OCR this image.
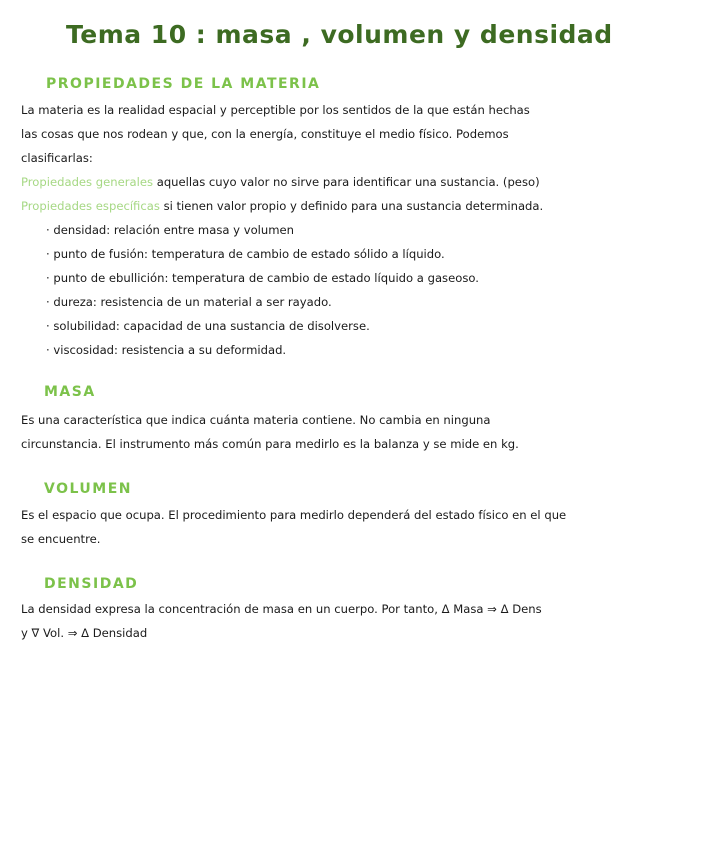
Tema 10 : masa , volumen y densidad
PROPIEDADES DE LA MATERIA
La materia es la realidad espacial y perceptible por los sentidos de la que están hechas
las cosas que nos rodean y que, con la energía, constituye el medio físico. Podemos
clasificarlas:
Propiedades generales aquellas cuyo valor no sirve para identificar una sustancia. (peso)
Propiedades específicas si tienen valor propio y definido para una sustancia determinada.
· densidad: relación entre masa y volumen
· punto de fusión: temperatura de cambio de estado sólido a líquido.
· punto de ebullición: temperatura de cambio de estado líquido a gaseoso.
· dureza: resistencia de un material a ser rayado.
· solubilidad: capacidad de una sustancia de disolverse.
· viscosidad: resistencia a su deformidad.
MASA
Es una característica que indica cuánta materia contiene. No cambia en ninguna
circunstancia. El instrumento más común para medirlo es la balanza y se mide en kg.
VOLUMEN
Es el espacio que ocupa. El procedimiento para medirlo dependerá del estado físico en el que
se encuentre.
DENSIDAD
La densidad expresa la concentración de masa en un cuerpo. Por tanto, Δ Masa ⇒ Δ Dens
y ∇ Vol. ⇒ Δ Densidad
